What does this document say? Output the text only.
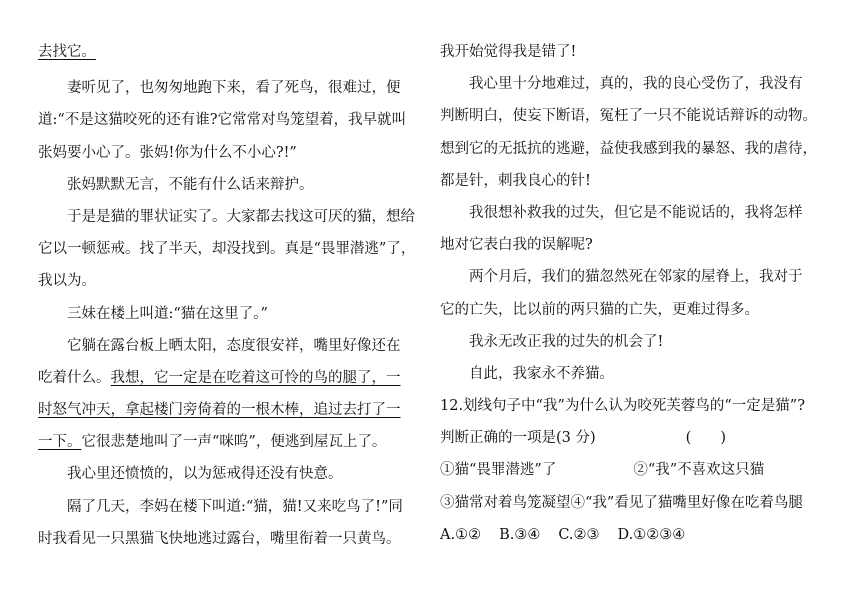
去找它。
妻听见了，也匆匆地跑下来，看了死鸟，很难过，便
道:“不是这猫咬死的还有谁?它常常对鸟笼望着，我早就叫
张妈要小心了。张妈!你为什么不小心?!”
张妈默默无言，不能有什么话来辩护。
于是是猫的罪状证实了。大家都去找这可厌的猫，想给
它以一顿惩戒。找了半天，却没找到。真是“畏罪潜逃”了，
我以为。
三妹在楼上叫道:“猫在这里了。”
它躺在露台板上晒太阳，态度很安祥，嘴里好像还在
吃着什么。我想，它一定是在吃着这可怜的鸟的腿了，一
时怒气冲天，拿起楼门旁倚着的一根木棒，追过去打了一
一下。它很悲楚地叫了一声“咪呜”，便逃到屋瓦上了。
我心里还愤愤的，以为惩戒得还没有快意。
隔了几天，李妈在楼下叫道:“猫，猫!又来吃鸟了!”同
时我看见一只黑猫飞快地逃过露台，嘴里衔着一只黄鸟。
我开始觉得我是错了!
我心里十分地难过，真的，我的良心受伤了，我没有
判断明白，使妄下断语，冤枉了一只不能说话辩诉的动物。
想到它的无抵抗的逃避，益使我感到我的暴怒、我的虐待，
都是针，刺我良心的针!
我很想补救我的过失，但它是不能说话的，我将怎样
地对它表白我的误解呢?
两个月后，我们的猫忽然死在邻家的屋脊上，我对于
它的亡失，比以前的两只猫的亡失，更难过得多。
我永无改正我的过失的机会了!
自此，我家永不养猫。
12.划线句子中“我”为什么认为咬死芙蓉鸟的“一定是猫”?
判断正确的一项是(3 分)	(　　)
①猫“畏罪潜逃”了	②“我”不喜欢这只猫
③猫常对着鸟笼凝望④“我”看见了猫嘴里好像在吃着鸟腿
A.①② B.③④ C.②③ D.①②③④
